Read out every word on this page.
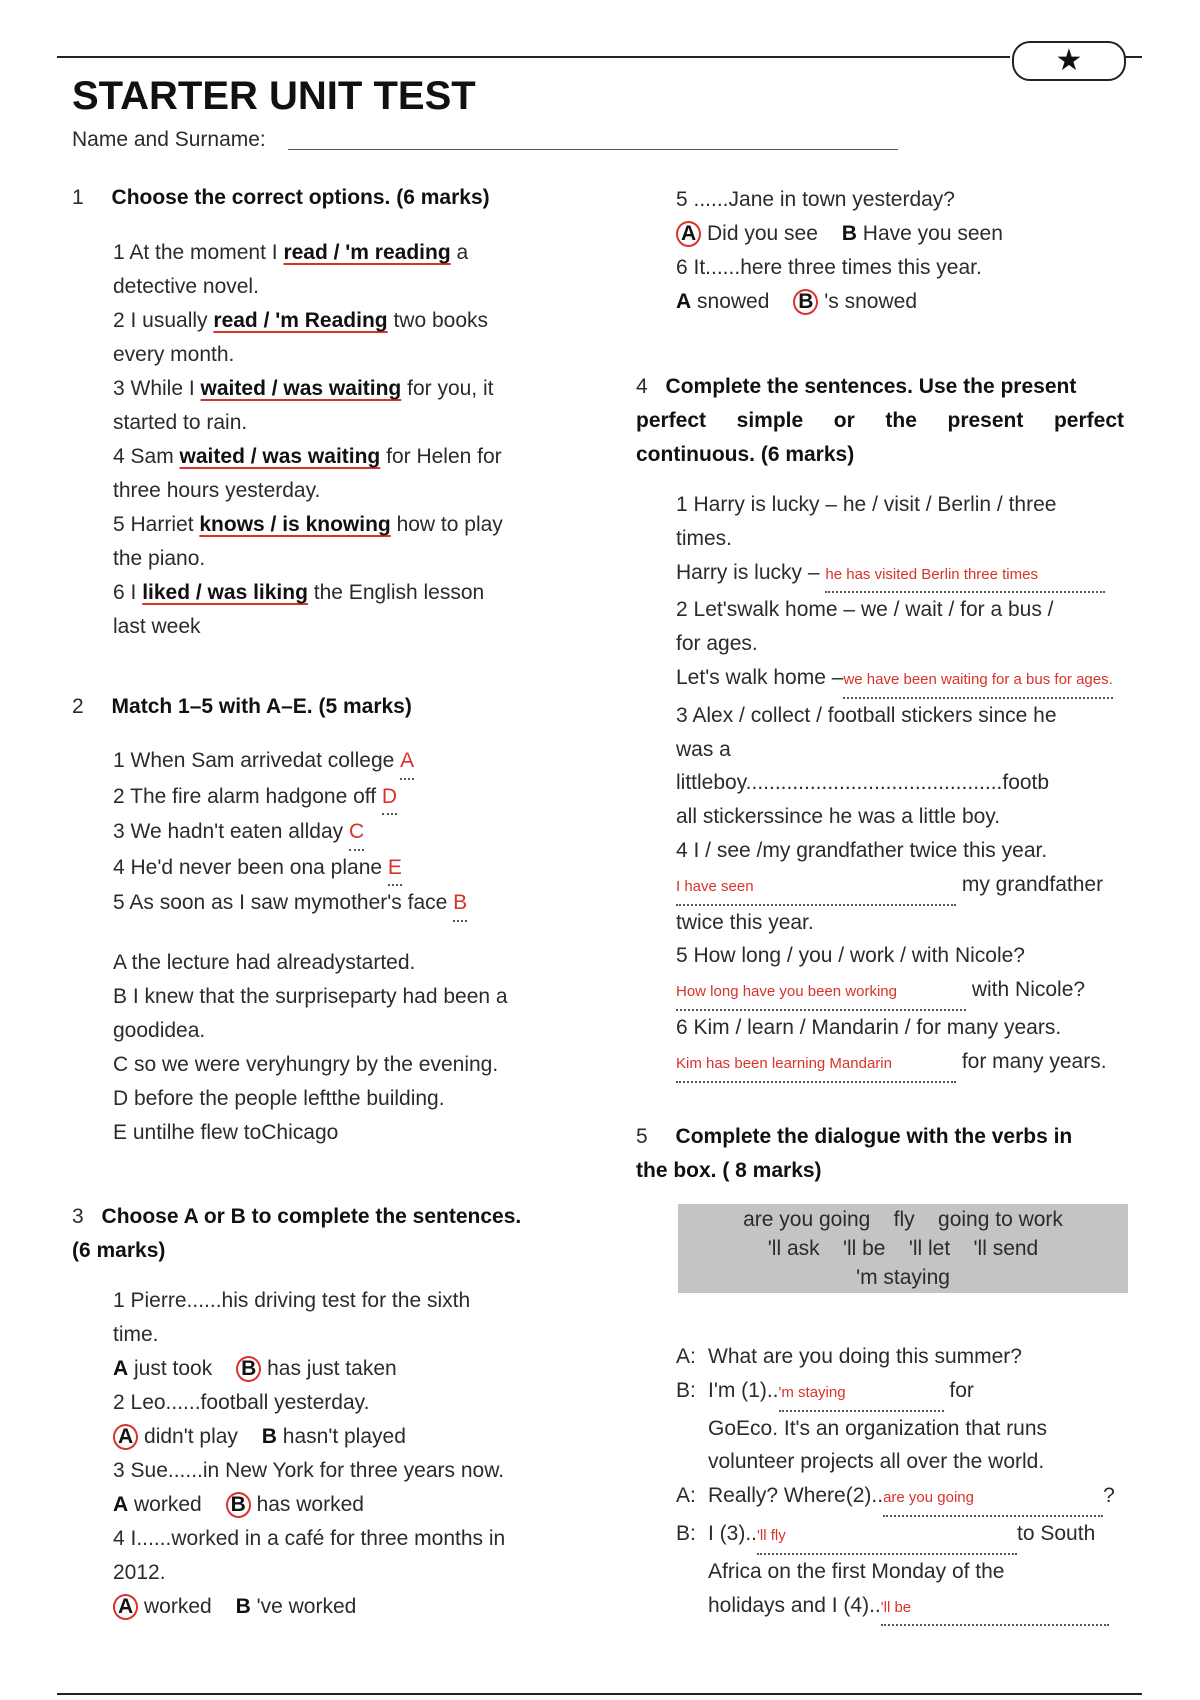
★
STARTER UNIT TEST
Name and Surname:
1 Choose the correct options. (6 marks)
1 At the moment I read / 'm reading a
detective novel.
2 I usually read / 'm Reading two books
every month.
3 While I waited / was waiting for you, it
started to rain.
4 Sam waited / was waiting for Helen for
three hours yesterday.
5 Harriet knows / is knowing how to play
the piano.
6 I liked / was liking the English lesson
last week
2 Match 1–5 with A–E. (5 marks)
1 When Sam arrivedat college A
2 The fire alarm hadgone off D
3 We hadn't eaten allday C
4 He'd never been ona plane E
5 As soon as I saw mymother's face B
A the lecture had alreadystarted.
B I knew that the surpriseparty had been a
goodidea.
C so we were veryhungry by the evening.
D before the people leftthe building.
E untilhe flew toChicago
3 Choose A or B to complete the sentences.
(6 marks)
1 Pierre......his driving test for the sixth
time.
A just took B has just taken
2 Leo......football yesterday.
A didn't play B hasn't played
3 Sue......in New York for three years now.
A worked B has worked
4 I......worked in a café for three months in
2012.
A worked B 've worked
5 ......Jane in town yesterday?
A Did you see B Have you seen
6 It......here three times this year.
A snowed B 's snowed
4 Complete the sentences. Use the present
perfect simple or the present perfect
continuous. (6 marks)
1 Harry is lucky – he / visit / Berlin / three
times.
Harry is lucky – he has visited Berlin three times
2 Let'swalk home – we / wait / for a bus /
for ages.
Let's walk home –we have been waiting for a bus for ages.
3 Alex / collect / football stickers since he
was a
littleboy............................................footb
all stickerssince he was a little boy.
4 I / see /my grandfather twice this year.
I have seen	my grandfather
twice this year.
5 How long / you / work / with Nicole?
How long have you been working	with Nicole?
6 Kim / learn / Mandarin / for many years.
Kim has been learning Mandarin	for many years.
5 Complete the dialogue with the verbs in
the box. ( 8 marks)
are you going    fly    going to work
'll ask    'll be    'll let    'll send
'm staying
A: What are you doing this summer?
B: I'm (1)..'m staying	for
GoEco. It's an organization that runs
volunteer projects all over the world.
A: Really? Where(2)..are you going	?
B: I (3)..'ll fly	to South
Africa on the first Monday of the
holidays and I (4)..'ll be
